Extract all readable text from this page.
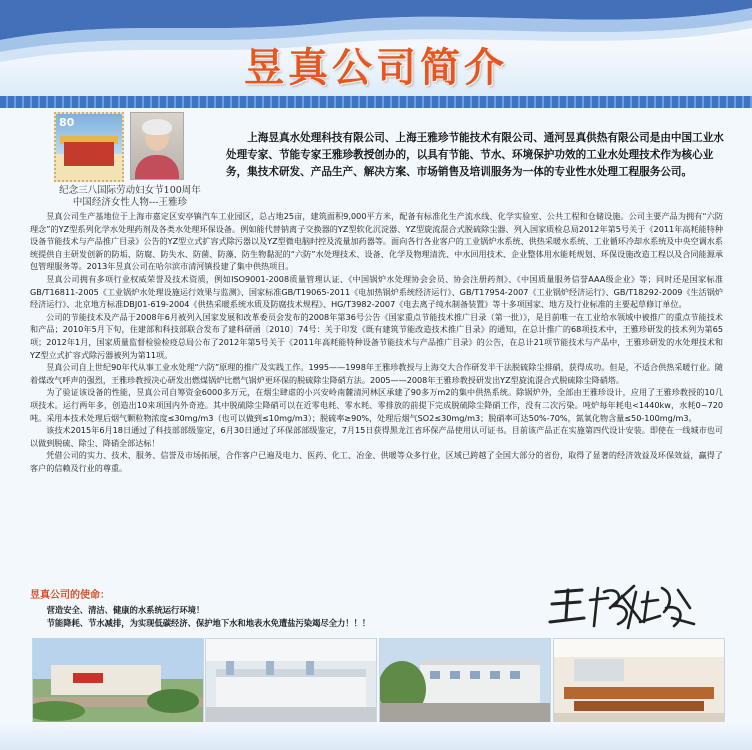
昱真公司简介
80
纪念三八国际劳动妇女节100周年
中国经济女性人物---王雅珍

上海昱真水处理科技有限公司、上海王雅珍节能技术有限公司、通河昱真供热有限公司是由中国工业水处理专家、节能专家王雅珍教授创办的，以具有节能、节水、环境保护功效的工业水处理技术作为核心业务，集技术研发、产品生产、解决方案、市场销售及培训服务为一体的专业性水处理工程服务公司。

昱真公司生产基地位于上海市嘉定区安亭镇汽车工业园区，总占地25亩，建筑面积9,000平方米，配备有标准化生产流水线、化学实验室、公共工程和仓储设施。公司主要产品为拥有“六防理念”的YZ型系列化学水处理药剂及各类水处理环保设备。例如能代替钠离子交换器的YZ型软化沉淀器、YZ型旋流混合式脱硫除尘器、列入国家质检总局2012年第5号关于《2011年高耗能特种设备节能技术与产品推广目录》公告的YZ型立式扩容式除污器以及YZ型微电脑时控及流量加药器等。面向各行各业客户的工业锅炉水系统、供热采暖水系统、工业循环冷却水系统及中央空调水系统提供自主研发创新的防垢、防腐、防失水、防菌、防藻、防生物黏泥的“六防”水处理技术、设备、化学及物理清洗、中水回用技术、企业整体用水能耗规划、环保设施改造工程以及合同能源承包管理服务等。2013年昱真公司在哈尔滨市清河镇投建了集中供热项目。

昱真公司拥有多项行业权威荣誉及技术资质，例如ISO9001-2008质量管理认证、《中国锅炉水处理协会会员、协会注册药剂》、《中国质量服务信誉AAA级企业》等；同时还是国家标准GB/T16811-2005《工业锅炉水处理设施运行效果与监测》、国家标准GB/T19065-2011《电加热锅炉系统经济运行》、GB/T17954-2007《工业锅炉经济运行》、GB/T18292-2009《生活锅炉经济运行》、北京地方标准DBJ01-619-2004《供热采暖系统水质及防腐技术规程》、HG/T3982-2007《电去离子纯水制备装置》等十多项国家、地方及行业标准的主要起草修订单位。

公司的节能技术及产品于2008年6月被列入国家发展和改革委员会发布的2008年第36号公告《国家重点节能技术推广目录（第一批）》，是目前唯一在工业给水领域中被推广的重点节能技术和产品；2010年5月下旬，住建部和科技部联合发布了建科研函〔2010〕74号：关于印发《既有建筑节能改造技术推广目录》的通知，在总计推广的68项技术中，王雅珍研发的技术列为第65项；2012年1月，国家质量监督检验检疫总局公布了2012年第5号关于《2011年高耗能特种设备节能技术与产品推广目录》的公告，在总计21项节能技术与产品中，王雅珍研发的水处理技术和YZ型立式扩容式除污器被列为第11项。

昱真公司自上世纪90年代从事工业水处理“六防”原理的推广及实践工作。1995——1998年王雅珍教授与上海交大合作研发半干法脱硫除尘排硝，获得成功。但是，不适合供热采暖行业。随着煤改气呼声的强烈，王雅珍教授决心研发出燃煤锅炉比燃气锅炉更环保的脱硫除尘降硝方法。2005——2008年王雅珍教授研发出YZ型旋流混合式脱硫除尘降硝塔。

为了验证该设备的性能，昱真公司自筹资金6000多万元，在烟尘肆虐的小兴安岭南麓清河林区承建了90多万m2的集中供热系统。除锅炉外，全部由王雅珍设计，应用了王雅珍教授的10几项技术。运行两年多，创造出10来项国内外奇迹。其中脱硫除尘降硝可以在近零电耗、零水耗、零排放的前提下完成脱硫除尘降硝工作，没有二次污染。吨炉每年耗电<1440kw，水耗0~720吨。采用本技术处理后烟气颗粒物浓度≤30mg/m3（也可以做到≤10mg/m3）；脱硫率≥90%，处理后烟气SO2≤30mg/m3；脱硝率可达50%-70%，氮氧化物含量≤50-100mg/m3。

该技术2015年6月18日通过了科技部部级鉴定，6月30日通过了环保部部级鉴定，7月15日获得黑龙江省环保产品使用认可证书。目前该产品正在实施第四代设计安装。即使在一线城市也可以做到脱硫、除尘、降硝全部达标！

凭借公司的实力、技术、服务、信誉及市场拓展，合作客户已遍及电力、医药、化工、冶金、供暖等众多行业，区域已跨越了全国大部分的省份，取得了显著的经济效益及环保效益，赢得了客户的信赖及行业的尊重。

昱真公司的使命：
营造安全、清洁、健康的水系统运行环境！
节能降耗、节水减排，为实现低碳经济、保护地下水和地表水免遭盐污染竭尽全力！！！
